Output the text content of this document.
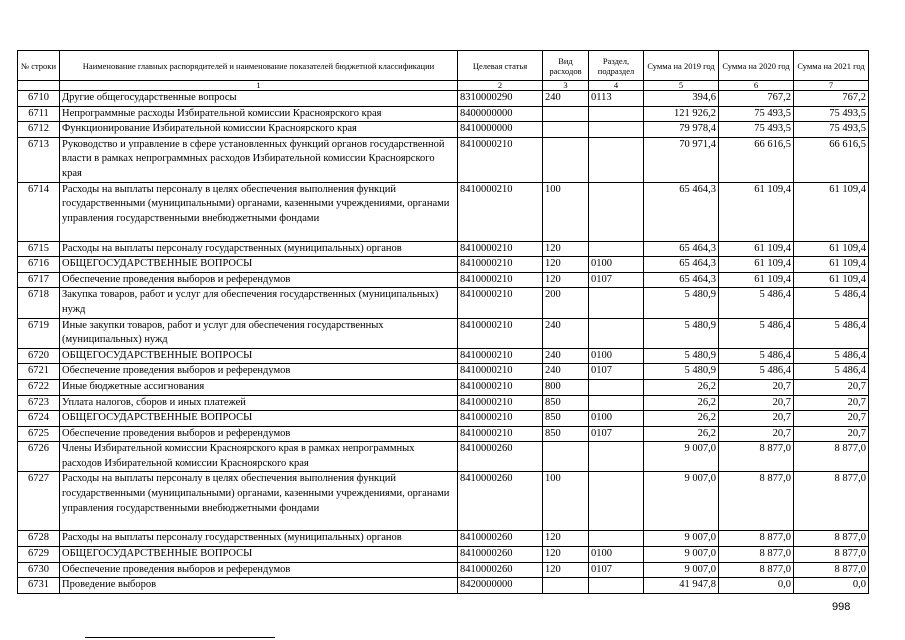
№ строки	Наименование главных распорядителей и наименование показателей бюджетной классификации	Целевая статья	Вид расходов	Раздел, подраздел	Сумма на 2019 год	Сумма на 2020 год	Сумма на 2021 год
	1	2	3	4	5	6	7
6710	Другие общегосударственные вопросы	8310000290	240	0113	394,6	767,2	767,2
6711	Непрограммные расходы Избирательной комиссии Красноярского края	8400000000			121 926,2	75 493,5	75 493,5
6712	Функционирование Избирательной комиссии Красноярского края	8410000000			79 978,4	75 493,5	75 493,5
6713	Руководство и управление в сфере установленных функций органов государственной власти в рамках непрограммных расходов Избирательной комиссии Красноярского края	8410000210			70 971,4	66 616,5	66 616,5
6714	Расходы на выплаты персоналу в целях обеспечения выполнения функций государственными (муниципальными) органами, казенными учреждениями, органами управления государственными внебюджетными фондами	8410000210	100		65 464,3	61 109,4	61 109,4
6715	Расходы на выплаты персоналу государственных (муниципальных) органов	8410000210	120		65 464,3	61 109,4	61 109,4
6716	ОБЩЕГОСУДАРСТВЕННЫЕ ВОПРОСЫ	8410000210	120	0100	65 464,3	61 109,4	61 109,4
6717	Обеспечение проведения выборов и референдумов	8410000210	120	0107	65 464,3	61 109,4	61 109,4
6718	Закупка товаров, работ и услуг для обеспечения государственных (муниципальных) нужд	8410000210	200		5 480,9	5 486,4	5 486,4
6719	Иные закупки товаров, работ и услуг для обеспечения государственных (муниципальных) нужд	8410000210	240		5 480,9	5 486,4	5 486,4
6720	ОБЩЕГОСУДАРСТВЕННЫЕ ВОПРОСЫ	8410000210	240	0100	5 480,9	5 486,4	5 486,4
6721	Обеспечение проведения выборов и референдумов	8410000210	240	0107	5 480,9	5 486,4	5 486,4
6722	Иные бюджетные ассигнования	8410000210	800		26,2	20,7	20,7
6723	Уплата налогов, сборов и иных платежей	8410000210	850		26,2	20,7	20,7
6724	ОБЩЕГОСУДАРСТВЕННЫЕ ВОПРОСЫ	8410000210	850	0100	26,2	20,7	20,7
6725	Обеспечение проведения выборов и референдумов	8410000210	850	0107	26,2	20,7	20,7
6726	Члены Избирательной комиссии Красноярского края в рамках непрограммных расходов Избирательной комиссии Красноярского края	8410000260			9 007,0	8 877,0	8 877,0
6727	Расходы на выплаты персоналу в целях обеспечения выполнения функций государственными (муниципальными) органами, казенными учреждениями, органами управления государственными внебюджетными фондами	8410000260	100		9 007,0	8 877,0	8 877,0
6728	Расходы на выплаты персоналу государственных (муниципальных) органов	8410000260	120		9 007,0	8 877,0	8 877,0
6729	ОБЩЕГОСУДАРСТВЕННЫЕ ВОПРОСЫ	8410000260	120	0100	9 007,0	8 877,0	8 877,0
6730	Обеспечение проведения выборов и референдумов	8410000260	120	0107	9 007,0	8 877,0	8 877,0
6731	Проведение выборов	8420000000			41 947,8	0,0	0,0
998
